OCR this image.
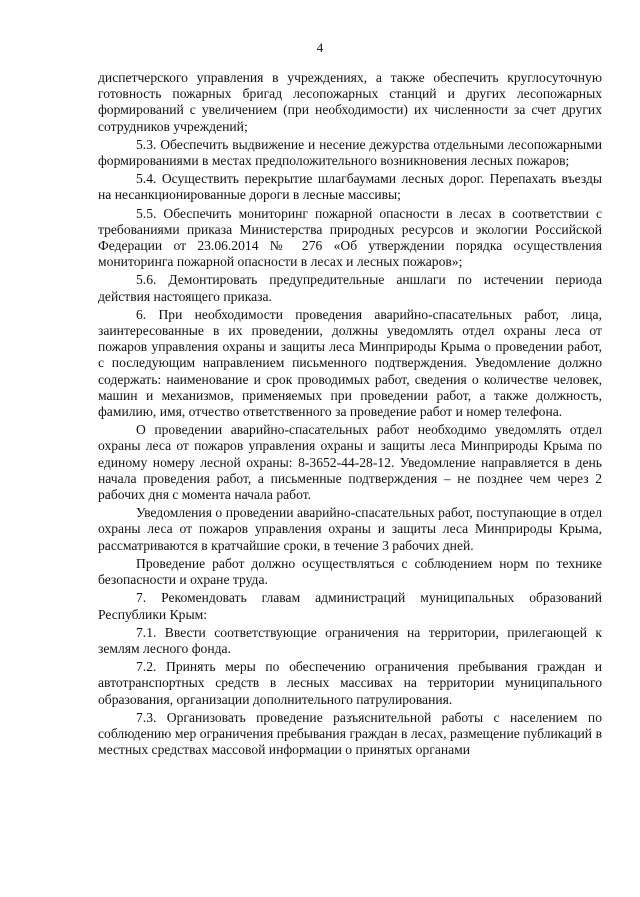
4

диспетчерского управления в учреждениях, а также обеспечить круглосуточную готовность пожарных бригад лесопожарных станций и других лесопожарных формирований с увеличением (при необходимости) их численности за счет других сотрудников учреждений;

5.3. Обеспечить выдвижение и несение дежурства отдельными лесопожарными формированиями в местах предположительного возникновения лесных пожаров;

5.4. Осуществить перекрытие шлагбаумами лесных дорог. Перепахать въезды на несанкционированные дороги в лесные массивы;

5.5. Обеспечить мониторинг пожарной опасности в лесах в соответствии с требованиями приказа Министерства природных ресурсов и экологии Российской Федерации от 23.06.2014 № 276 «Об утверждении порядка осуществления мониторинга пожарной опасности в лесах и лесных пожаров»;

5.6. Демонтировать предупредительные аншлаги по истечении периода действия настоящего приказа.

6. При необходимости проведения аварийно-спасательных работ, лица, заинтересованные в их проведении, должны уведомлять отдел охраны леса от пожаров управления охраны и защиты леса Минприроды Крыма о проведении работ, с последующим направлением письменного подтверждения. Уведомление должно содержать: наименование и срок проводимых работ, сведения о количестве человек, машин и механизмов, применяемых при проведении работ, а также должность, фамилию, имя, отчество ответственного за проведение работ и номер телефона.

О проведении аварийно-спасательных работ необходимо уведомлять отдел охраны леса от пожаров управления охраны и защиты леса Минприроды Крыма по единому номеру лесной охраны: 8-3652-44-28-12. Уведомление направляется в день начала проведения работ, а письменные подтверждения – не позднее чем через 2 рабочих дня с момента начала работ.

Уведомления о проведении аварийно-спасательных работ, поступающие в отдел охраны леса от пожаров управления охраны и защиты леса Минприроды Крыма, рассматриваются в кратчайшие сроки, в течение 3 рабочих дней.

Проведение работ должно осуществляться с соблюдением норм по технике безопасности и охране труда.

7. Рекомендовать главам администраций муниципальных образований Республики Крым:

7.1. Ввести соответствующие ограничения на территории, прилегающей к землям лесного фонда.

7.2. Принять меры по обеспечению ограничения пребывания граждан и автотранспортных средств в лесных массивах на территории муниципального образования, организации дополнительного патрулирования.

7.3. Организовать проведение разъяснительной работы с населением по соблюдению мер ограничения пребывания граждан в лесах, размещение публикаций в местных средствах массовой информации о принятых органами
